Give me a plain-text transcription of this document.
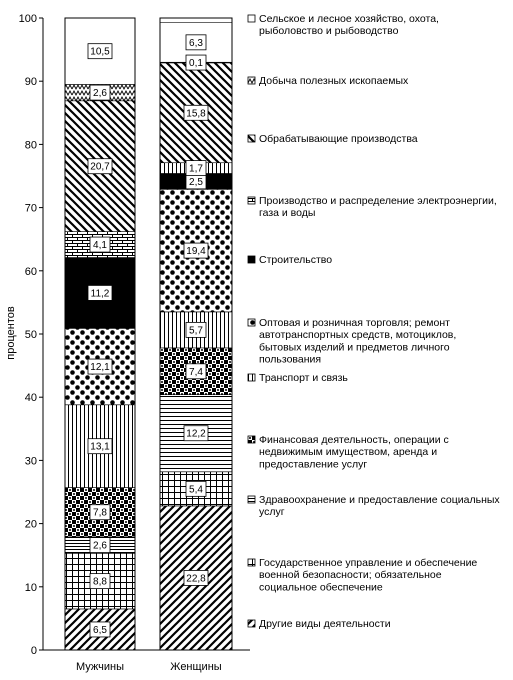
0
10
20
30
40
50
60
70
80
90
100
процентов
6,5
8,8
2,6
7,8
13,1
12,1
11,2
4,1
20,7
2,6
10,5
22,8
5,4
12,2
7,4
5,7
19,4
2,5
1,7
15,8
0,1
6,3
Мужчины	Женщины
Сельское и лесное хозяйство, охота, рыболовство и рыбоводство
Добыча полезных ископаемых
Обрабатывающие производства
Производство и распределение электроэнергии, газа и воды
Строительство
Оптовая и розничная торговля; ремонт автотранспортных средств, мотоциклов, бытовых изделий и предметов личного пользования
Транспорт и связь
Финансовая деятельность, операции с недвижимым имуществом, аренда и предоставление услуг
Здравоохранение и предоставление социальных услуг
Государственное управление и обеспечение военной безопасности; обязательное социальное обеспечение
Другие виды деятельности
